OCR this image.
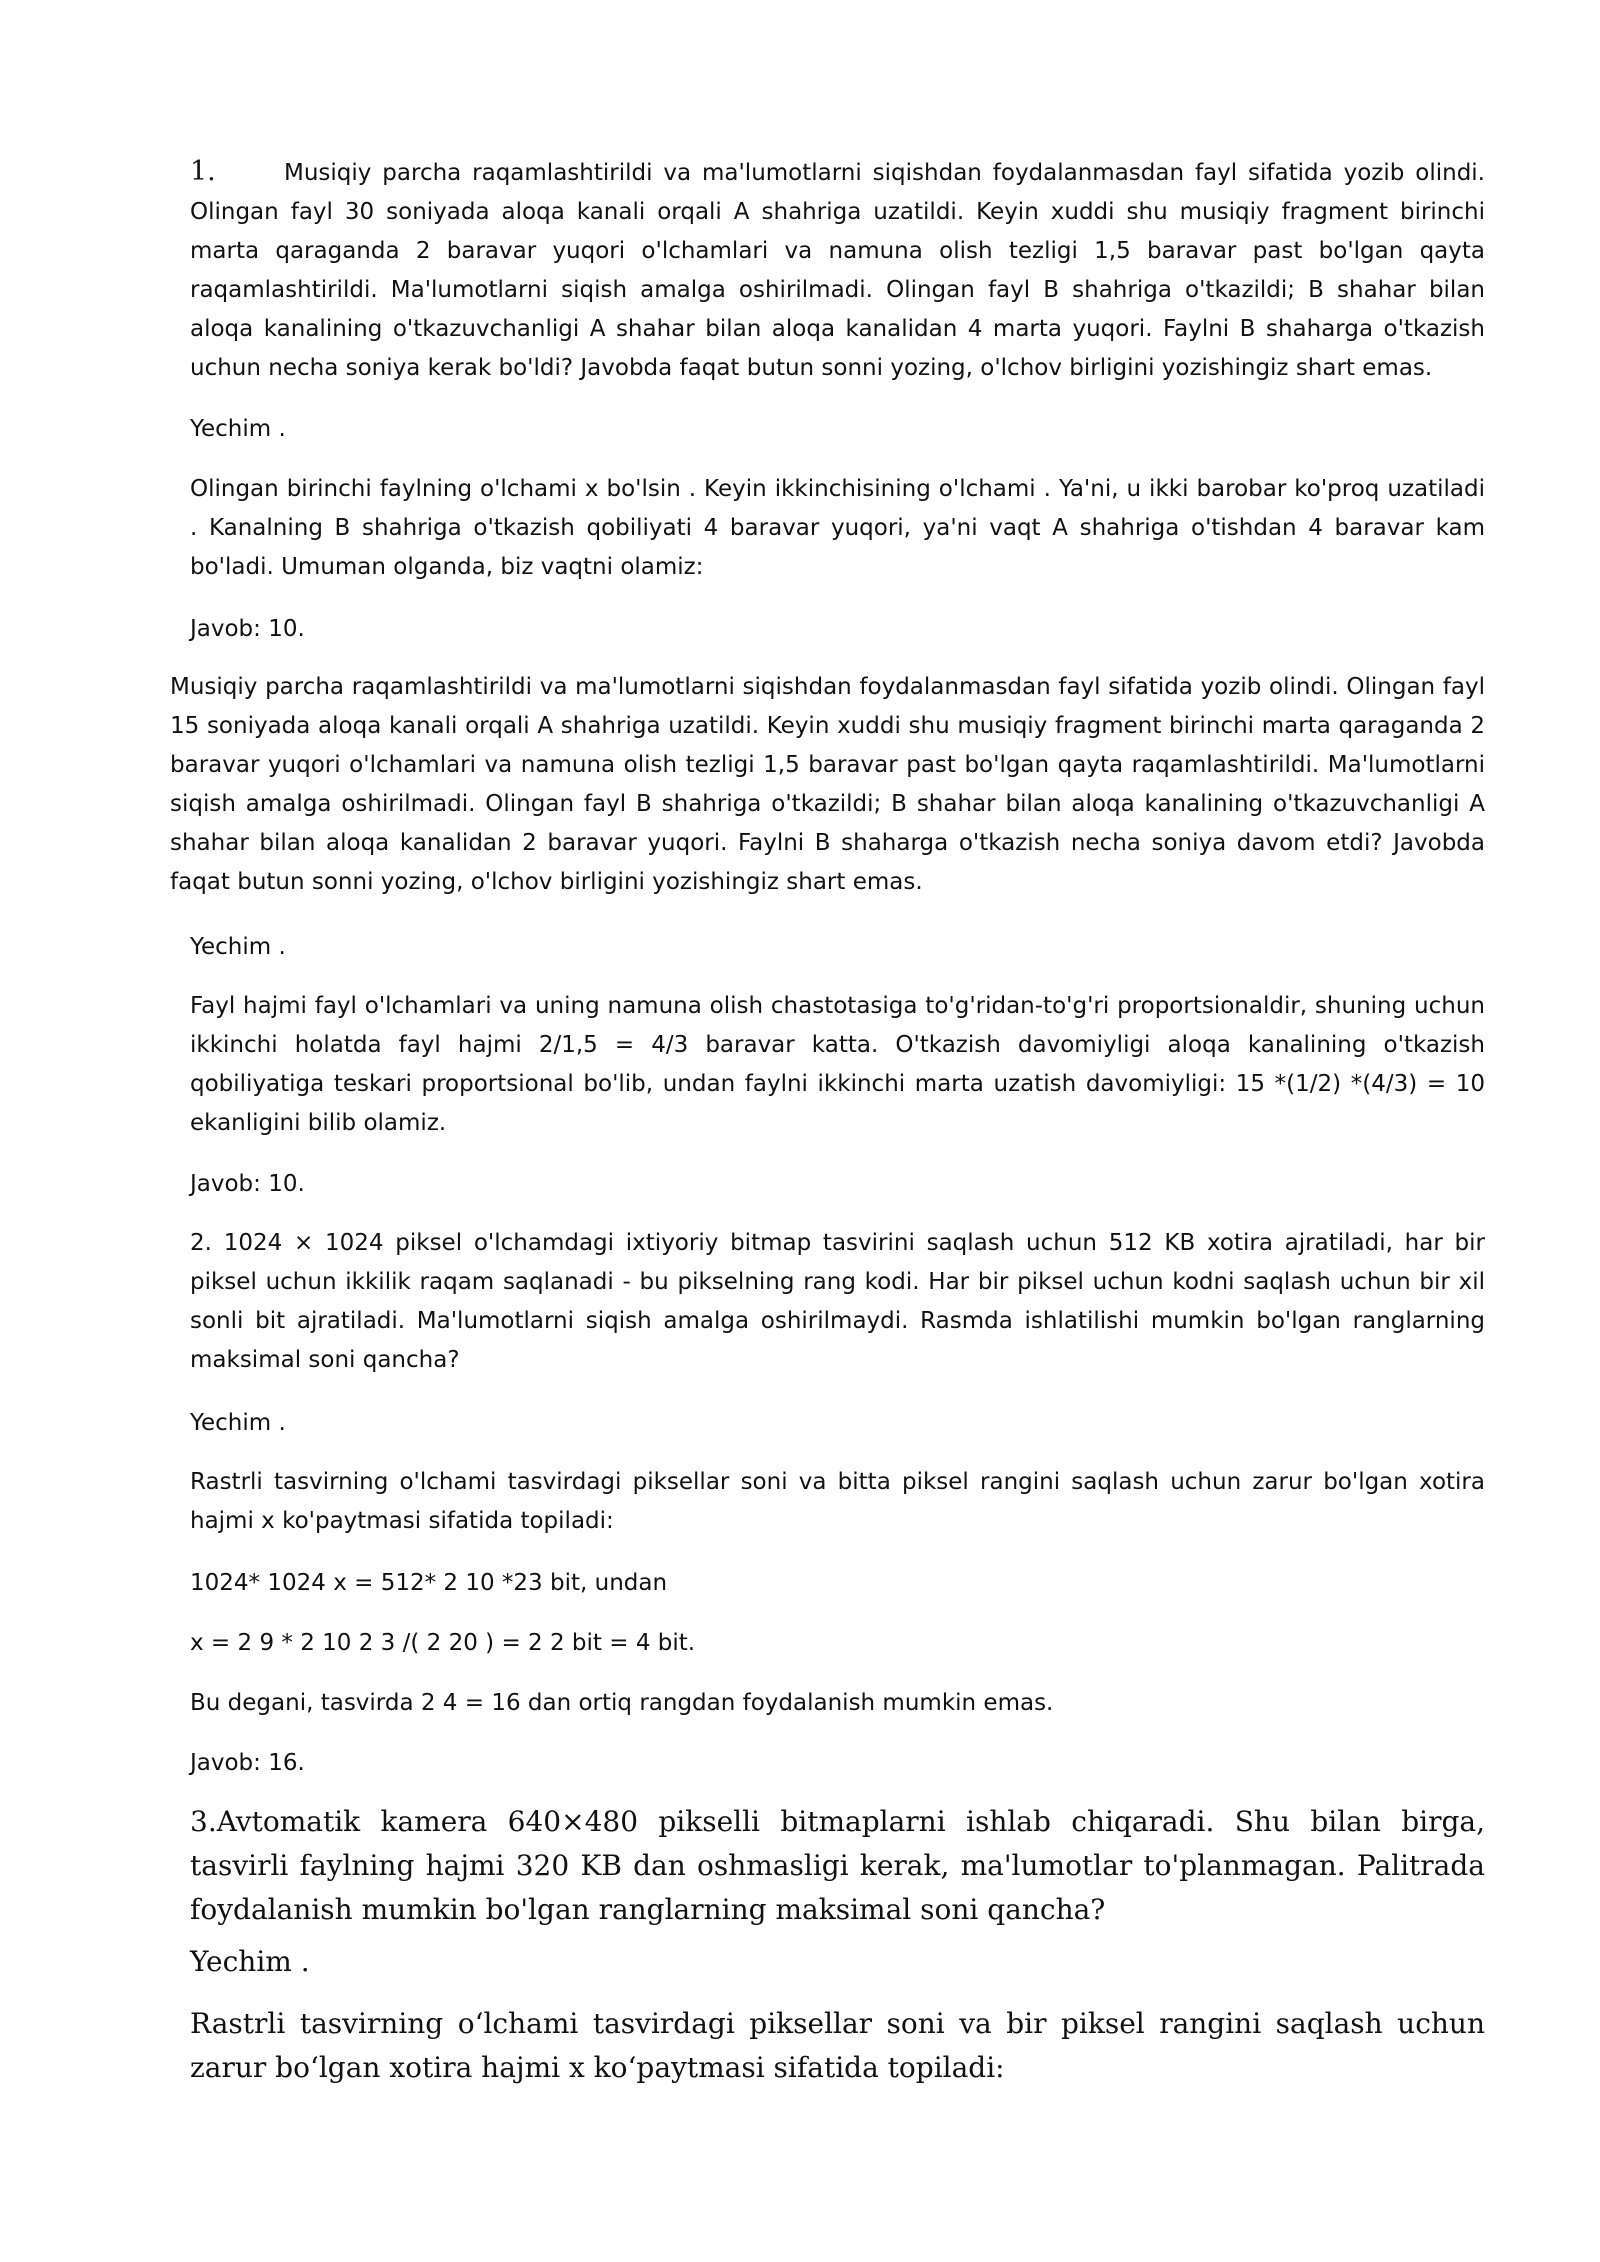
1.	Musiqiy parcha raqamlashtirildi va ma'lumotlarni siqishdan foydalanmasdan fayl sifatida yozib olindi. Olingan fayl 30 soniyada aloqa kanali orqali A shahriga uzatildi. Keyin xuddi shu musiqiy fragment birinchi marta qaraganda 2 baravar yuqori o'lchamlari va namuna olish tezligi 1,5 baravar past bo'lgan qayta raqamlashtirildi. Ma'lumotlarni siqish amalga oshirilmadi. Olingan fayl B shahriga o'tkazildi; B shahar bilan aloqa kanalining o'tkazuvchanligi A shahar bilan aloqa kanalidan 4 marta yuqori. Faylni B shaharga o'tkazish uchun necha soniya kerak bo'ldi? Javobda faqat butun sonni yozing, o'lchov birligini yozishingiz shart emas.

Yechim .

Olingan birinchi faylning o'lchami x bo'lsin . Keyin ikkinchisining o'lchami . Ya'ni, u ikki barobar ko'proq uzatiladi . Kanalning B shahriga o'tkazish qobiliyati 4 baravar yuqori, ya'ni vaqt A shahriga o'tishdan 4 baravar kam bo'ladi. Umuman olganda, biz vaqtni olamiz:

Javob: 10.

Musiqiy parcha raqamlashtirildi va ma'lumotlarni siqishdan foydalanmasdan fayl sifatida yozib olindi. Olingan fayl 15 soniyada aloqa kanali orqali A shahriga uzatildi. Keyin xuddi shu musiqiy fragment birinchi marta qaraganda 2 baravar yuqori o'lchamlari va namuna olish tezligi 1,5 baravar past bo'lgan qayta raqamlashtirildi. Ma'lumotlarni siqish amalga oshirilmadi. Olingan fayl B shahriga o'tkazildi; B shahar bilan aloqa kanalining o'tkazuvchanligi A shahar bilan aloqa kanalidan 2 baravar yuqori. Faylni B shaharga o'tkazish necha soniya davom etdi? Javobda faqat butun sonni yozing, o'lchov birligini yozishingiz shart emas.

Yechim .

Fayl hajmi fayl o'lchamlari va uning namuna olish chastotasiga to'g'ridan-to'g'ri proportsionaldir, shuning uchun ikkinchi holatda fayl hajmi 2/1,5 = 4/3 baravar katta. O'tkazish davomiyligi aloqa kanalining o'tkazish qobiliyatiga teskari proportsional bo'lib, undan faylni ikkinchi marta uzatish davomiyligi: 15 *(1/2) *(4/3) = 10 ekanligini bilib olamiz.

Javob: 10.

2. 1024 × 1024 piksel o'lchamdagi ixtiyoriy bitmap tasvirini saqlash uchun 512 KB xotira ajratiladi, har bir piksel uchun ikkilik raqam saqlanadi - bu pikselning rang kodi. Har bir piksel uchun kodni saqlash uchun bir xil sonli bit ajratiladi. Ma'lumotlarni siqish amalga oshirilmaydi. Rasmda ishlatilishi mumkin bo'lgan ranglarning maksimal soni qancha?

Yechim .

Rastrli tasvirning o'lchami tasvirdagi piksellar soni va bitta piksel rangini saqlash uchun zarur bo'lgan xotira hajmi x ko'paytmasi sifatida topiladi:

1024* 1024 x = 512* 2 10 *23 bit, undan

x = 2 9 * 2 10 2 3 /( 2 20 ) = 2 2 bit = 4 bit.

Bu degani, tasvirda 2 4 = 16 dan ortiq rangdan foydalanish mumkin emas.

Javob: 16.

3.Avtomatik kamera 640×480 pikselli bitmaplarni ishlab chiqaradi. Shu bilan birga, tasvirli faylning hajmi 320 KB dan oshmasligi kerak, ma'lumotlar to'planmagan. Palitrada foydalanish mumkin bo'lgan ranglarning maksimal soni qancha?

Yechim .

Rastrli tasvirning o‘lchami tasvirdagi piksellar soni va bir piksel rangini saqlash uchun zarur bo‘lgan xotira hajmi x ko‘paytmasi sifatida topiladi:
